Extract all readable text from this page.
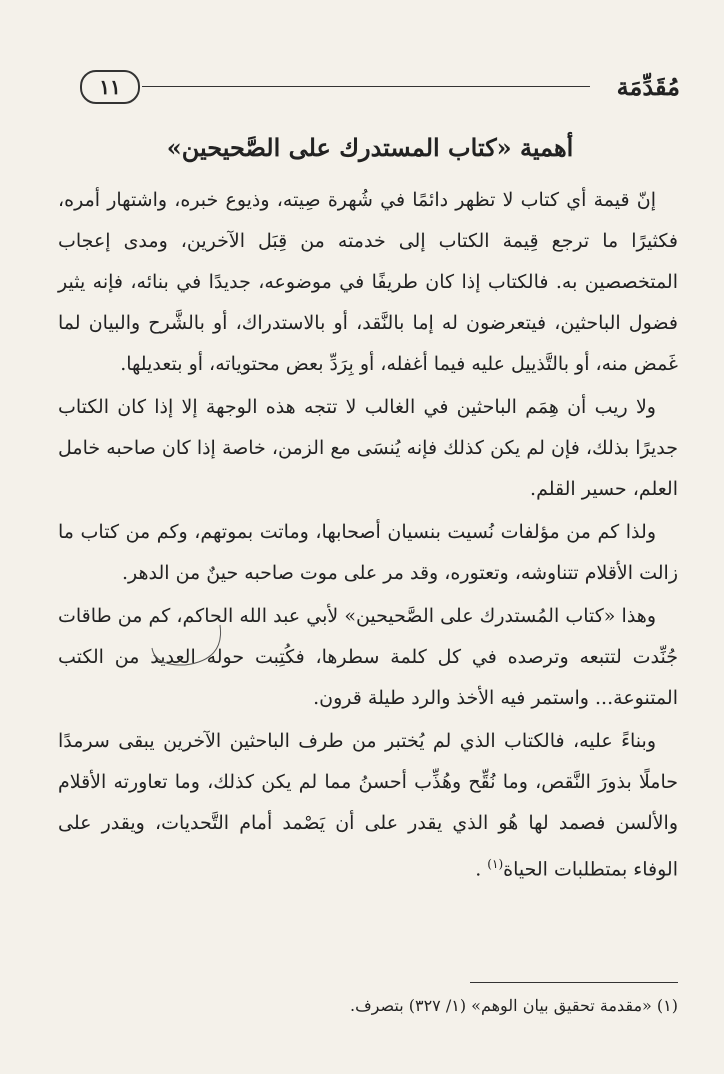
١١	مُقَدِّمَة
أهمية «كتاب المستدرك على الصَّحيحين»

إنّ قيمة أي كتاب لا تظهر دائمًا في شُهرة صِيته، وذيوع خبره، واشتهار أمره، فكثيرًا ما ترجع قِيمة الكتاب إلى خدمته من قِبَل الآخرين، ومدى إعجاب المتخصصين به. فالكتاب إذا كان طريفًا في موضوعه، جديدًا في بنائه، فإنه يثير فضول الباحثين، فيتعرضون له إما بالنَّقد، أو بالاستدراك، أو بالشَّرح والبيان لما غَمض منه، أو بالتَّذييل عليه فيما أغفله، أو بِرَدِّ بعض محتوياته، أو بتعديلها.

ولا ريب أن هِمَم الباحثين في الغالب لا تتجه هذه الوجهة إلا إذا كان الكتاب جديرًا بذلك، فإن لم يكن كذلك فإنه يُنسَى مع الزمن، خاصة إذا كان صاحبه خامل العلم، حسير القلم.

ولذا كم من مؤلفات نُسيت بنسيان أصحابها، وماتت بموتهم، وكم من كتاب ما زالت الأقلام تتناوشه، وتعتوره، وقد مر على موت صاحبه حينٌ من الدهر.

وهذا «كتاب المُستدرك على الصَّحيحين» لأبي عبد الله الحاكم، كم من طاقات جُنِّدت لتتبعه وترصده في كل كلمة سطرها، فكُتِبت حوله العديد من الكتب المتنوعة... واستمر فيه الأخذ والرد طيلة قرون.

وبناءً عليه، فالكتاب الذي لم يُختبر من طرف الباحثين الآخرين يبقى سرمدًا حاملًا بذورَ النَّقص، وما نُقِّح وهُذِّب أحسنُ مما لم يكن كذلك، وما تعاورته الأقلام والألسن فصمد لها هُو الذي يقدر على أن يَصْمد أمام التَّحديات، ويقدر على الوفاء بمتطلبات الحياة$^{(١)}$ .

(١) «مقدمة تحقيق بيان الوهم» (١/ ٣٢٧) بتصرف.
